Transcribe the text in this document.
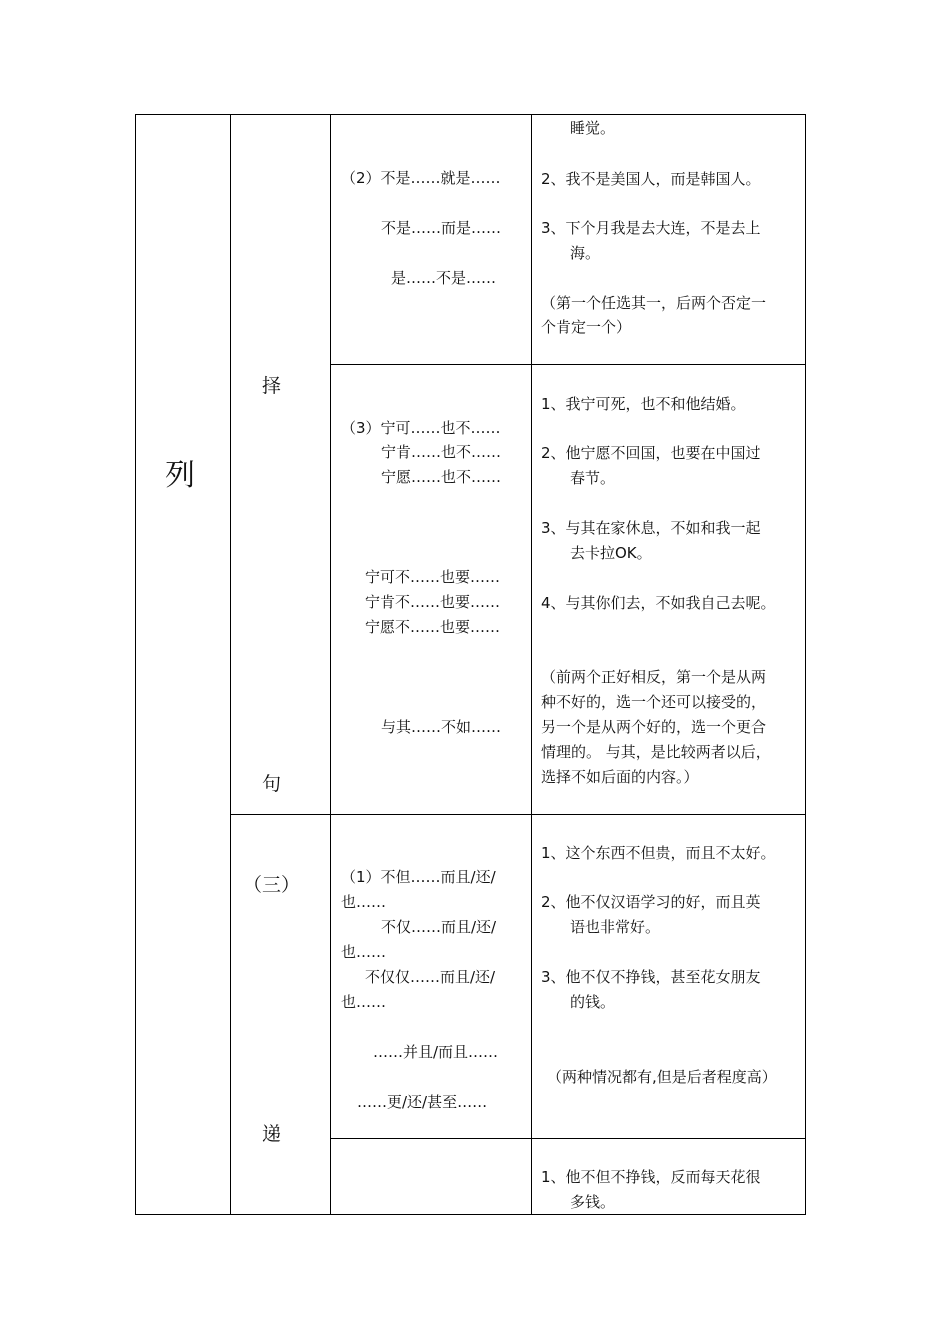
列
择
句
（三）
递
（2）不是……就是……
不是……而是……
是……不是……
睡觉。
2、我不是美国人，而是韩国人。
3、下个月我是去大连，不是去上
海。
（第一个任选其一，后两个否定一
个肯定一个）
（3）宁可……也不……
宁肯……也不……
宁愿……也不……
宁可不……也要……
宁肯不……也要……
宁愿不……也要……
与其……不如……
1、我宁可死，也不和他结婚。
2、他宁愿不回国，也要在中国过
春节。
3、与其在家休息，不如和我一起
去卡拉OK。
4、与其你们去，不如我自己去呢。
（前两个正好相反，第一个是从两
种不好的，选一个还可以接受的，
另一个是从两个好的，选一个更合
情理的。 与其，是比较两者以后，
选择不如后面的内容。）
（1）不但……而且/还/
也……
不仅……而且/还/
也……
不仅仅……而且/还/
也……
……并且/而且……
……更/还/甚至……
1、这个东西不但贵，而且不太好。
2、他不仅汉语学习的好，而且英
语也非常好。
3、他不仅不挣钱，甚至花女朋友
的钱。
（两种情况都有,但是后者程度高）
1、他不但不挣钱，反而每天花很
多钱。
